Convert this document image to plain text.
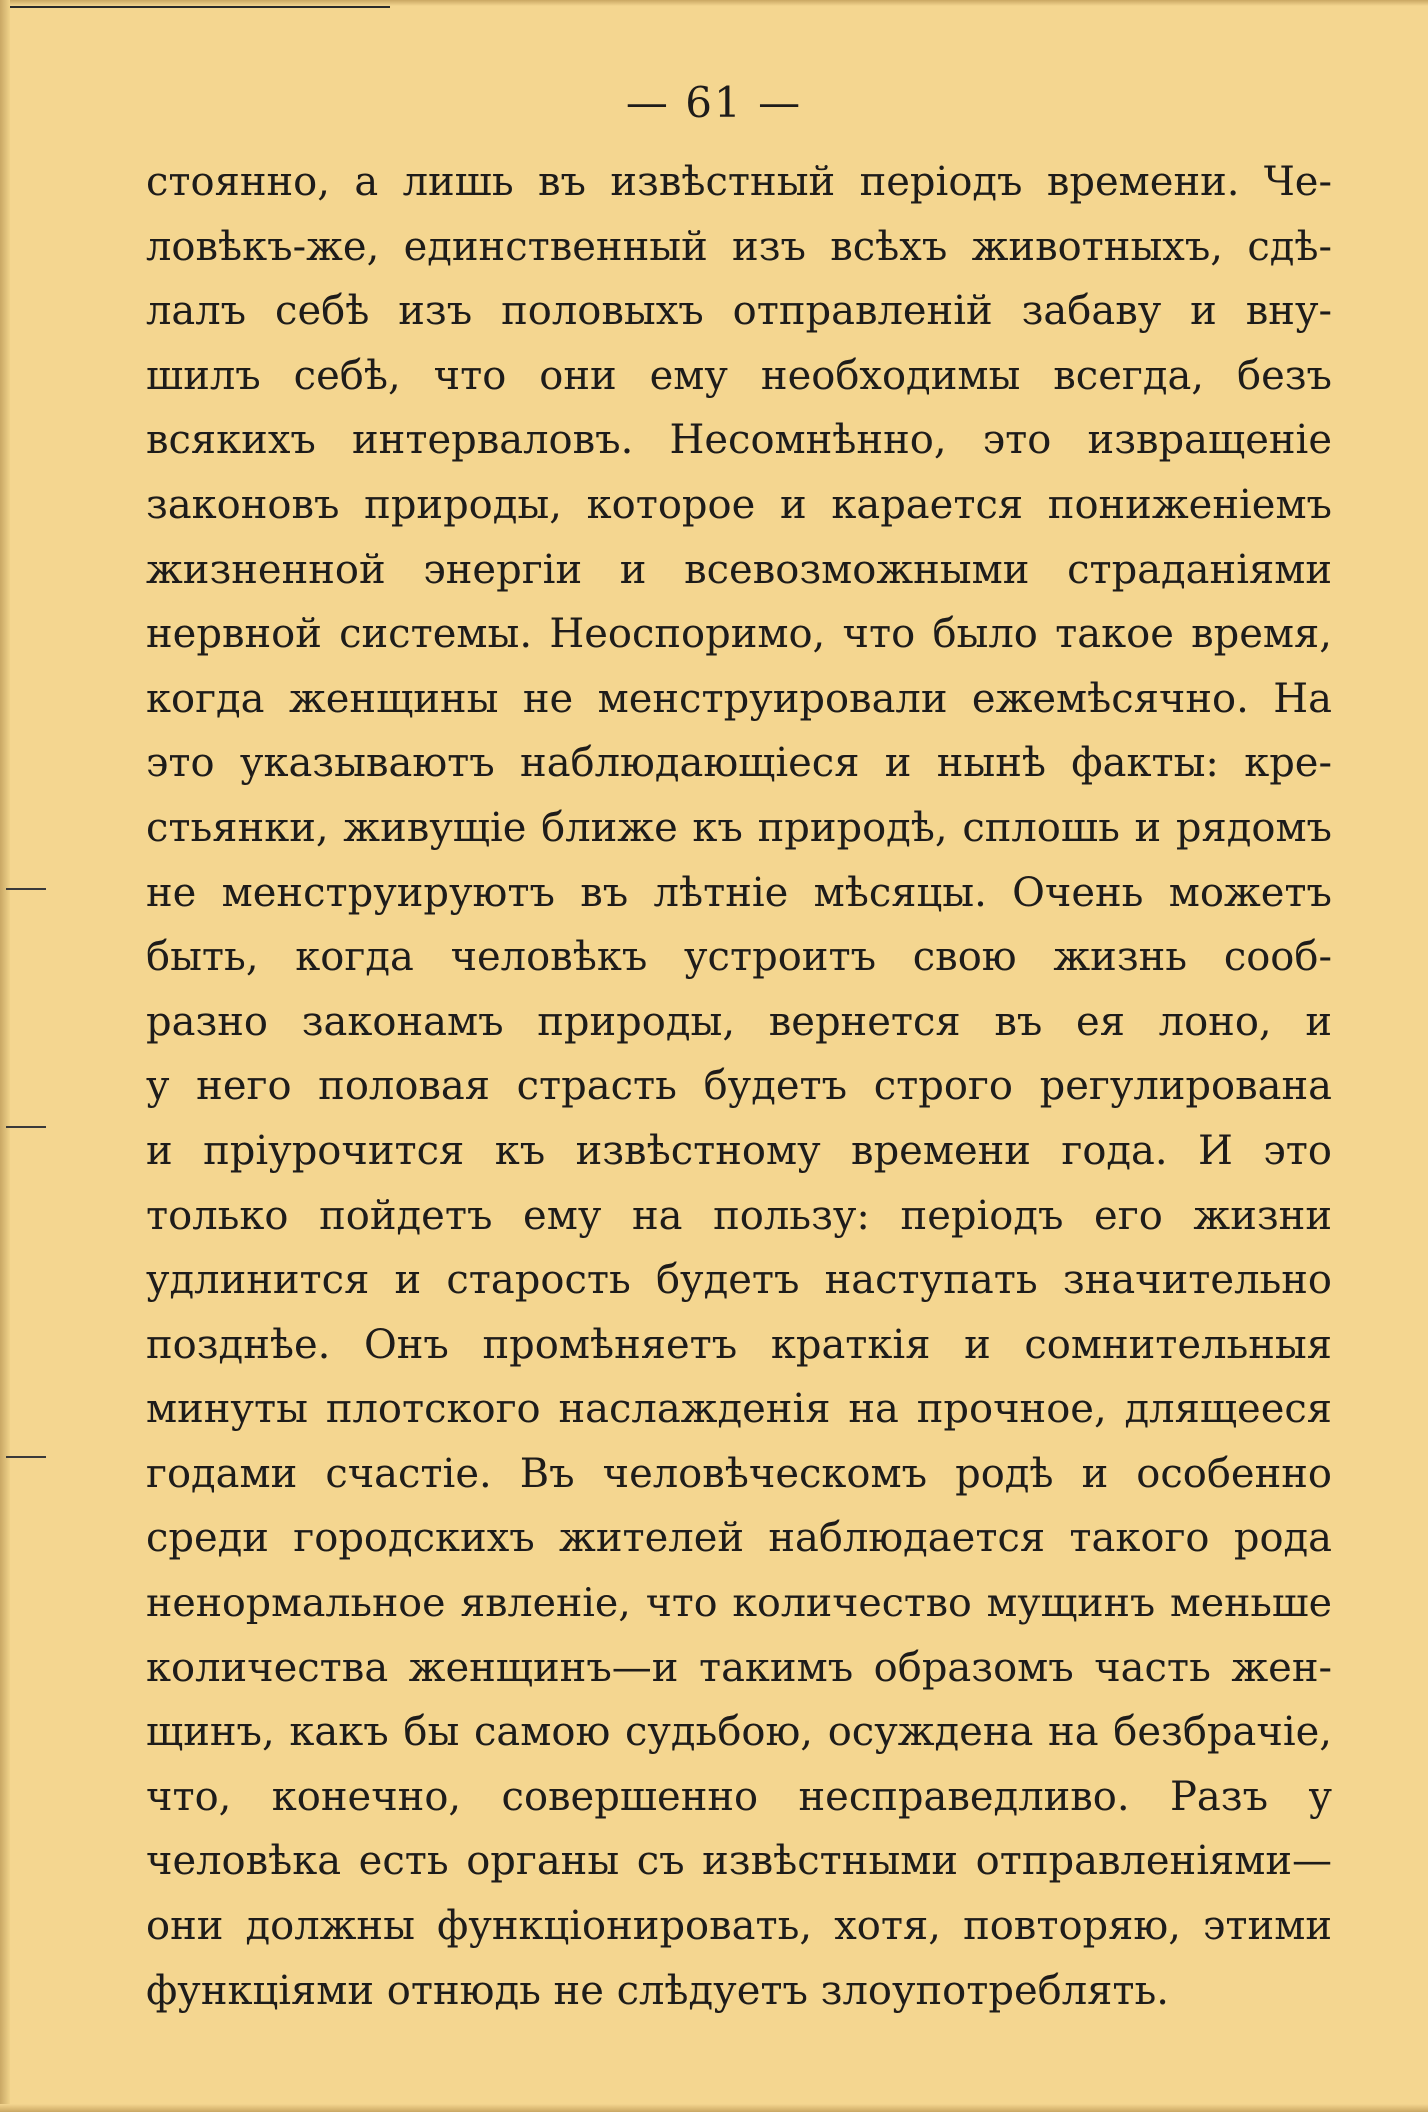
— 61 —
стоянно, а лишь въ извѣстный періодъ времени. Че-
ловѣкъ-же, единственный изъ всѣхъ животныхъ, сдѣ-
лалъ себѣ изъ половыхъ отправленій забаву и вну-
шилъ себѣ, что они ему необходимы всегда, безъ
всякихъ интерваловъ. Несомнѣнно, это извращеніе
законовъ природы, которое и карается пониженіемъ
жизненной энергіи и всевозможными страданіями
нервной системы. Неоспоримо, что было такое время,
когда женщины не менструировали ежемѣсячно. На
это указываютъ наблюдающіеся и нынѣ факты: кре-
стьянки, живущіе ближе къ природѣ, сплошь и рядомъ
не менструируютъ въ лѣтніе мѣсяцы. Очень можетъ
быть, когда человѣкъ устроитъ свою жизнь сооб-
разно законамъ природы, вернется въ ея лоно, и
у него половая страсть будетъ строго регулирована
и пріурочится къ извѣстному времени года. И это
только пойдетъ ему на пользу: періодъ его жизни
удлинится и старость будетъ наступать значительно
позднѣе. Онъ промѣняетъ краткія и сомнительныя
минуты плотского наслажденія на прочное, длящееся
годами счастіе. Въ человѣческомъ родѣ и особенно
среди городскихъ жителей наблюдается такого рода
ненормальное явленіе, что количество мущинъ меньше
количества женщинъ—и такимъ образомъ часть жен-
щинъ, какъ бы самою судьбою, осуждена на безбрачіе,
что, конечно, совершенно несправедливо. Разъ у
человѣка есть органы съ извѣстными отправленіями—
они должны функціонировать, хотя, повторяю, этими
функціями отнюдь не слѣдуетъ злоупотреблять.
